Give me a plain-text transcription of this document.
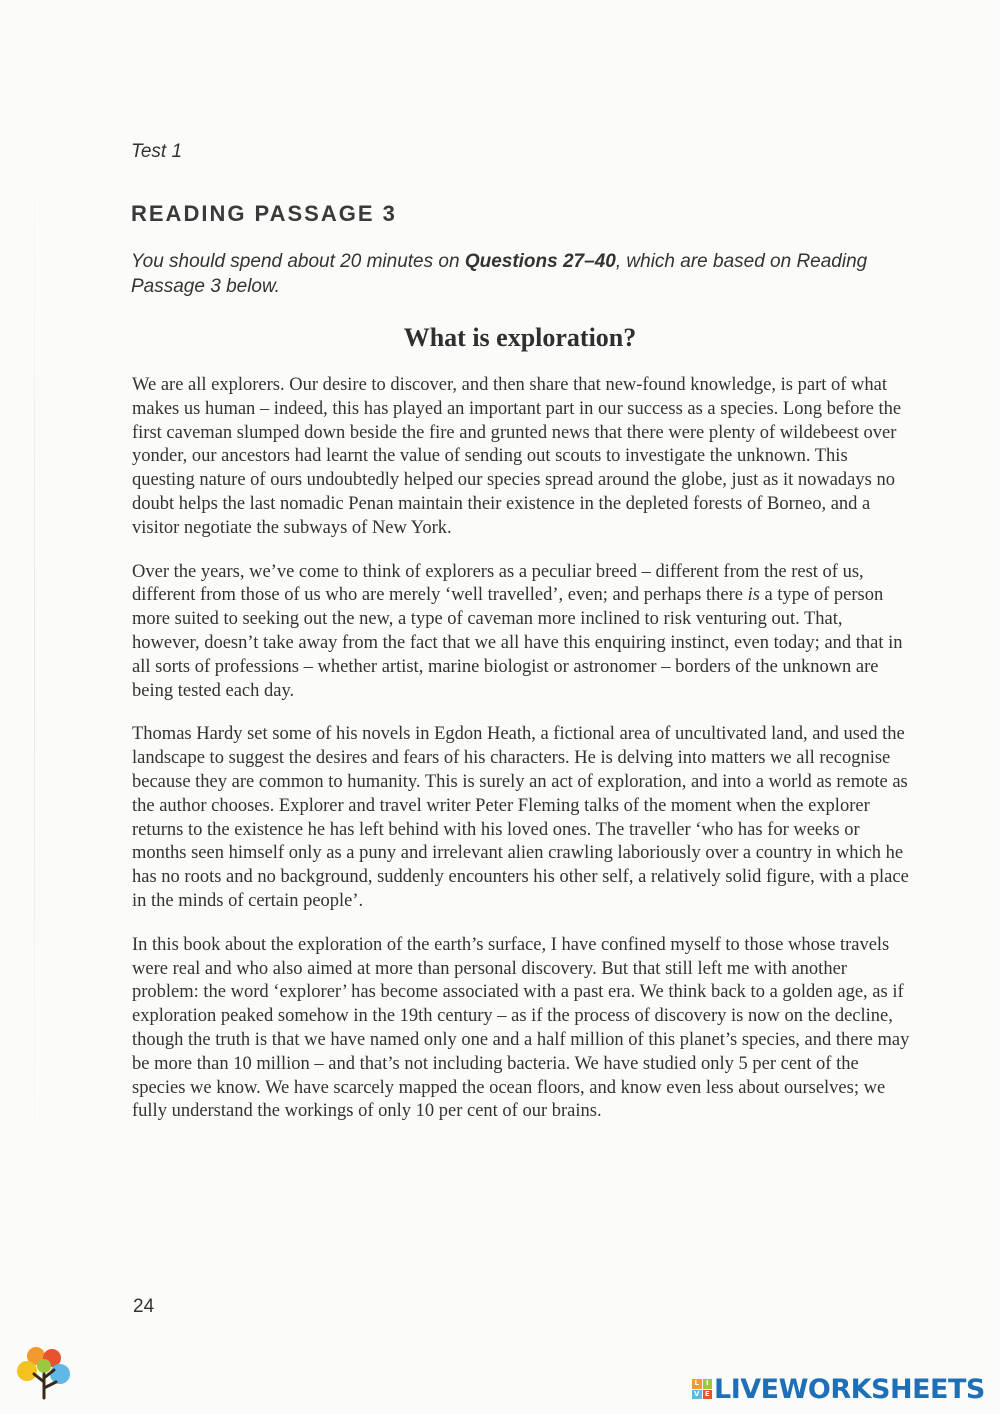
Test 1
READING PASSAGE 3
You should spend about 20 minutes on Questions 27–40, which are based on Reading Passage 3 below.
What is exploration?

We are all explorers. Our desire to discover, and then share that new-found knowledge, is part of what makes us human – indeed, this has played an important part in our success as a species. Long before the first caveman slumped down beside the fire and grunted news that there were plenty of wildebeest over yonder, our ancestors had learnt the value of sending out scouts to investigate the unknown. This questing nature of ours undoubtedly helped our species spread around the globe, just as it nowadays no doubt helps the last nomadic Penan maintain their existence in the depleted forests of Borneo, and a visitor negotiate the subways of New York.

Over the years, we’ve come to think of explorers as a peculiar breed – different from the rest of us, different from those of us who are merely ‘well travelled’, even; and perhaps there is a type of person more suited to seeking out the new, a type of caveman more inclined to risk venturing out. That, however, doesn’t take away from the fact that we all have this enquiring instinct, even today; and that in all sorts of professions – whether artist, marine biologist or astronomer – borders of the unknown are being tested each day.

Thomas Hardy set some of his novels in Egdon Heath, a fictional area of uncultivated land, and used the landscape to suggest the desires and fears of his characters. He is delving into matters we all recognise because they are common to humanity. This is surely an act of exploration, and into a world as remote as the author chooses. Explorer and travel writer Peter Fleming talks of the moment when the explorer returns to the existence he has left behind with his loved ones. The traveller ‘who has for weeks or months seen himself only as a puny and irrelevant alien crawling laboriously over a country in which he has no roots and no background, suddenly encounters his other self, a relatively solid figure, with a place in the minds of certain people’.

In this book about the exploration of the earth’s surface, I have confined myself to those whose travels were real and who also aimed at more than personal discovery. But that still left me with another problem: the word ‘explorer’ has become associated with a past era. We think back to a golden age, as if exploration peaked somehow in the 19th century – as if the process of discovery is now on the decline, though the truth is that we have named only one and a half million of this planet’s species, and there may be more than 10 million – and that’s not including bacteria. We have studied only 5 per cent of the species we know. We have scarcely mapped the ocean floors, and know even less about ourselves; we fully understand the workings of only 10 per cent of our brains.

24
L I
V E LIVEWORKSHEETS
